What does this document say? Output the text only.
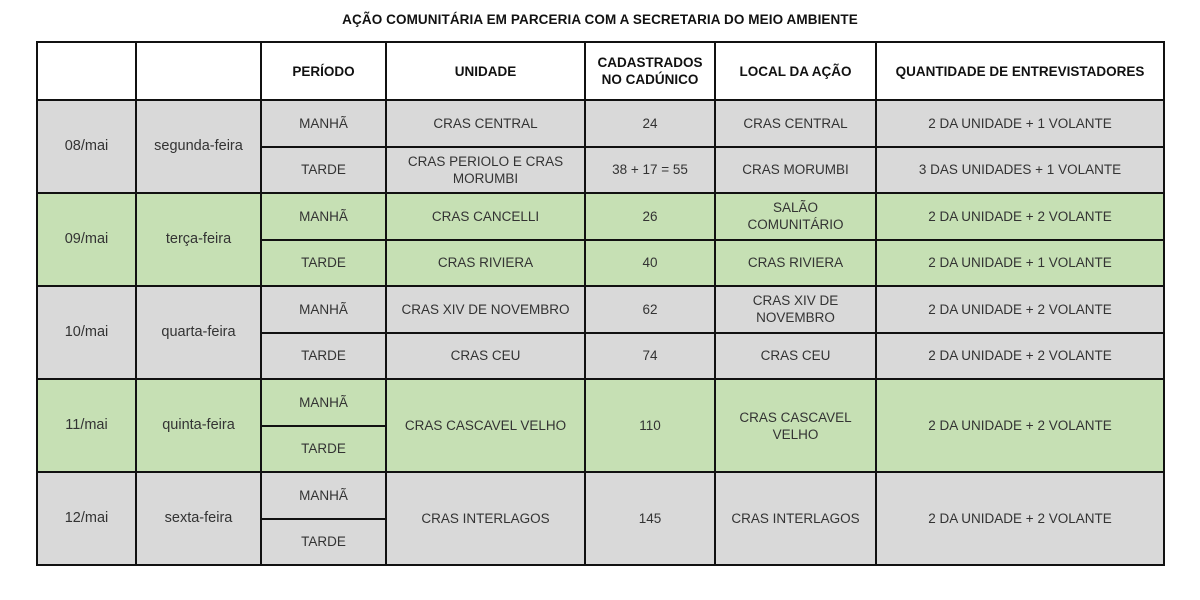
AÇÃO COMUNITÁRIA EM PARCERIA COM A SECRETARIA DO MEIO AMBIENTE
		PERÍODO	UNIDADE	CADASTRADOS NO CADÚNICO	LOCAL DA AÇÃO	QUANTIDADE DE ENTREVISTADORES
08/mai	segunda-feira	MANHÃ	CRAS CENTRAL	24	CRAS CENTRAL	2 DA UNIDADE + 1 VOLANTE
		TARDE	CRAS PERIOLO E CRAS MORUMBI	38 + 17 = 55	CRAS MORUMBI	3 DAS UNIDADES + 1 VOLANTE
09/mai	terça-feira	MANHÃ	CRAS CANCELLI	26	SALÃO COMUNITÁRIO	2 DA UNIDADE + 2 VOLANTE
		TARDE	CRAS RIVIERA	40	CRAS RIVIERA	2 DA UNIDADE + 1 VOLANTE
10/mai	quarta-feira	MANHÃ	CRAS XIV DE NOVEMBRO	62	CRAS XIV DE NOVEMBRO	2 DA UNIDADE + 2 VOLANTE
		TARDE	CRAS CEU	74	CRAS CEU	2 DA UNIDADE + 2 VOLANTE
11/mai	quinta-feira	MANHÃ	CRAS CASCAVEL VELHO	110	CRAS CASCAVEL VELHO	2 DA UNIDADE + 2 VOLANTE
		TARDE				
12/mai	sexta-feira	MANHÃ	CRAS INTERLAGOS	145	CRAS INTERLAGOS	2 DA UNIDADE + 2 VOLANTE
		TARDE				
